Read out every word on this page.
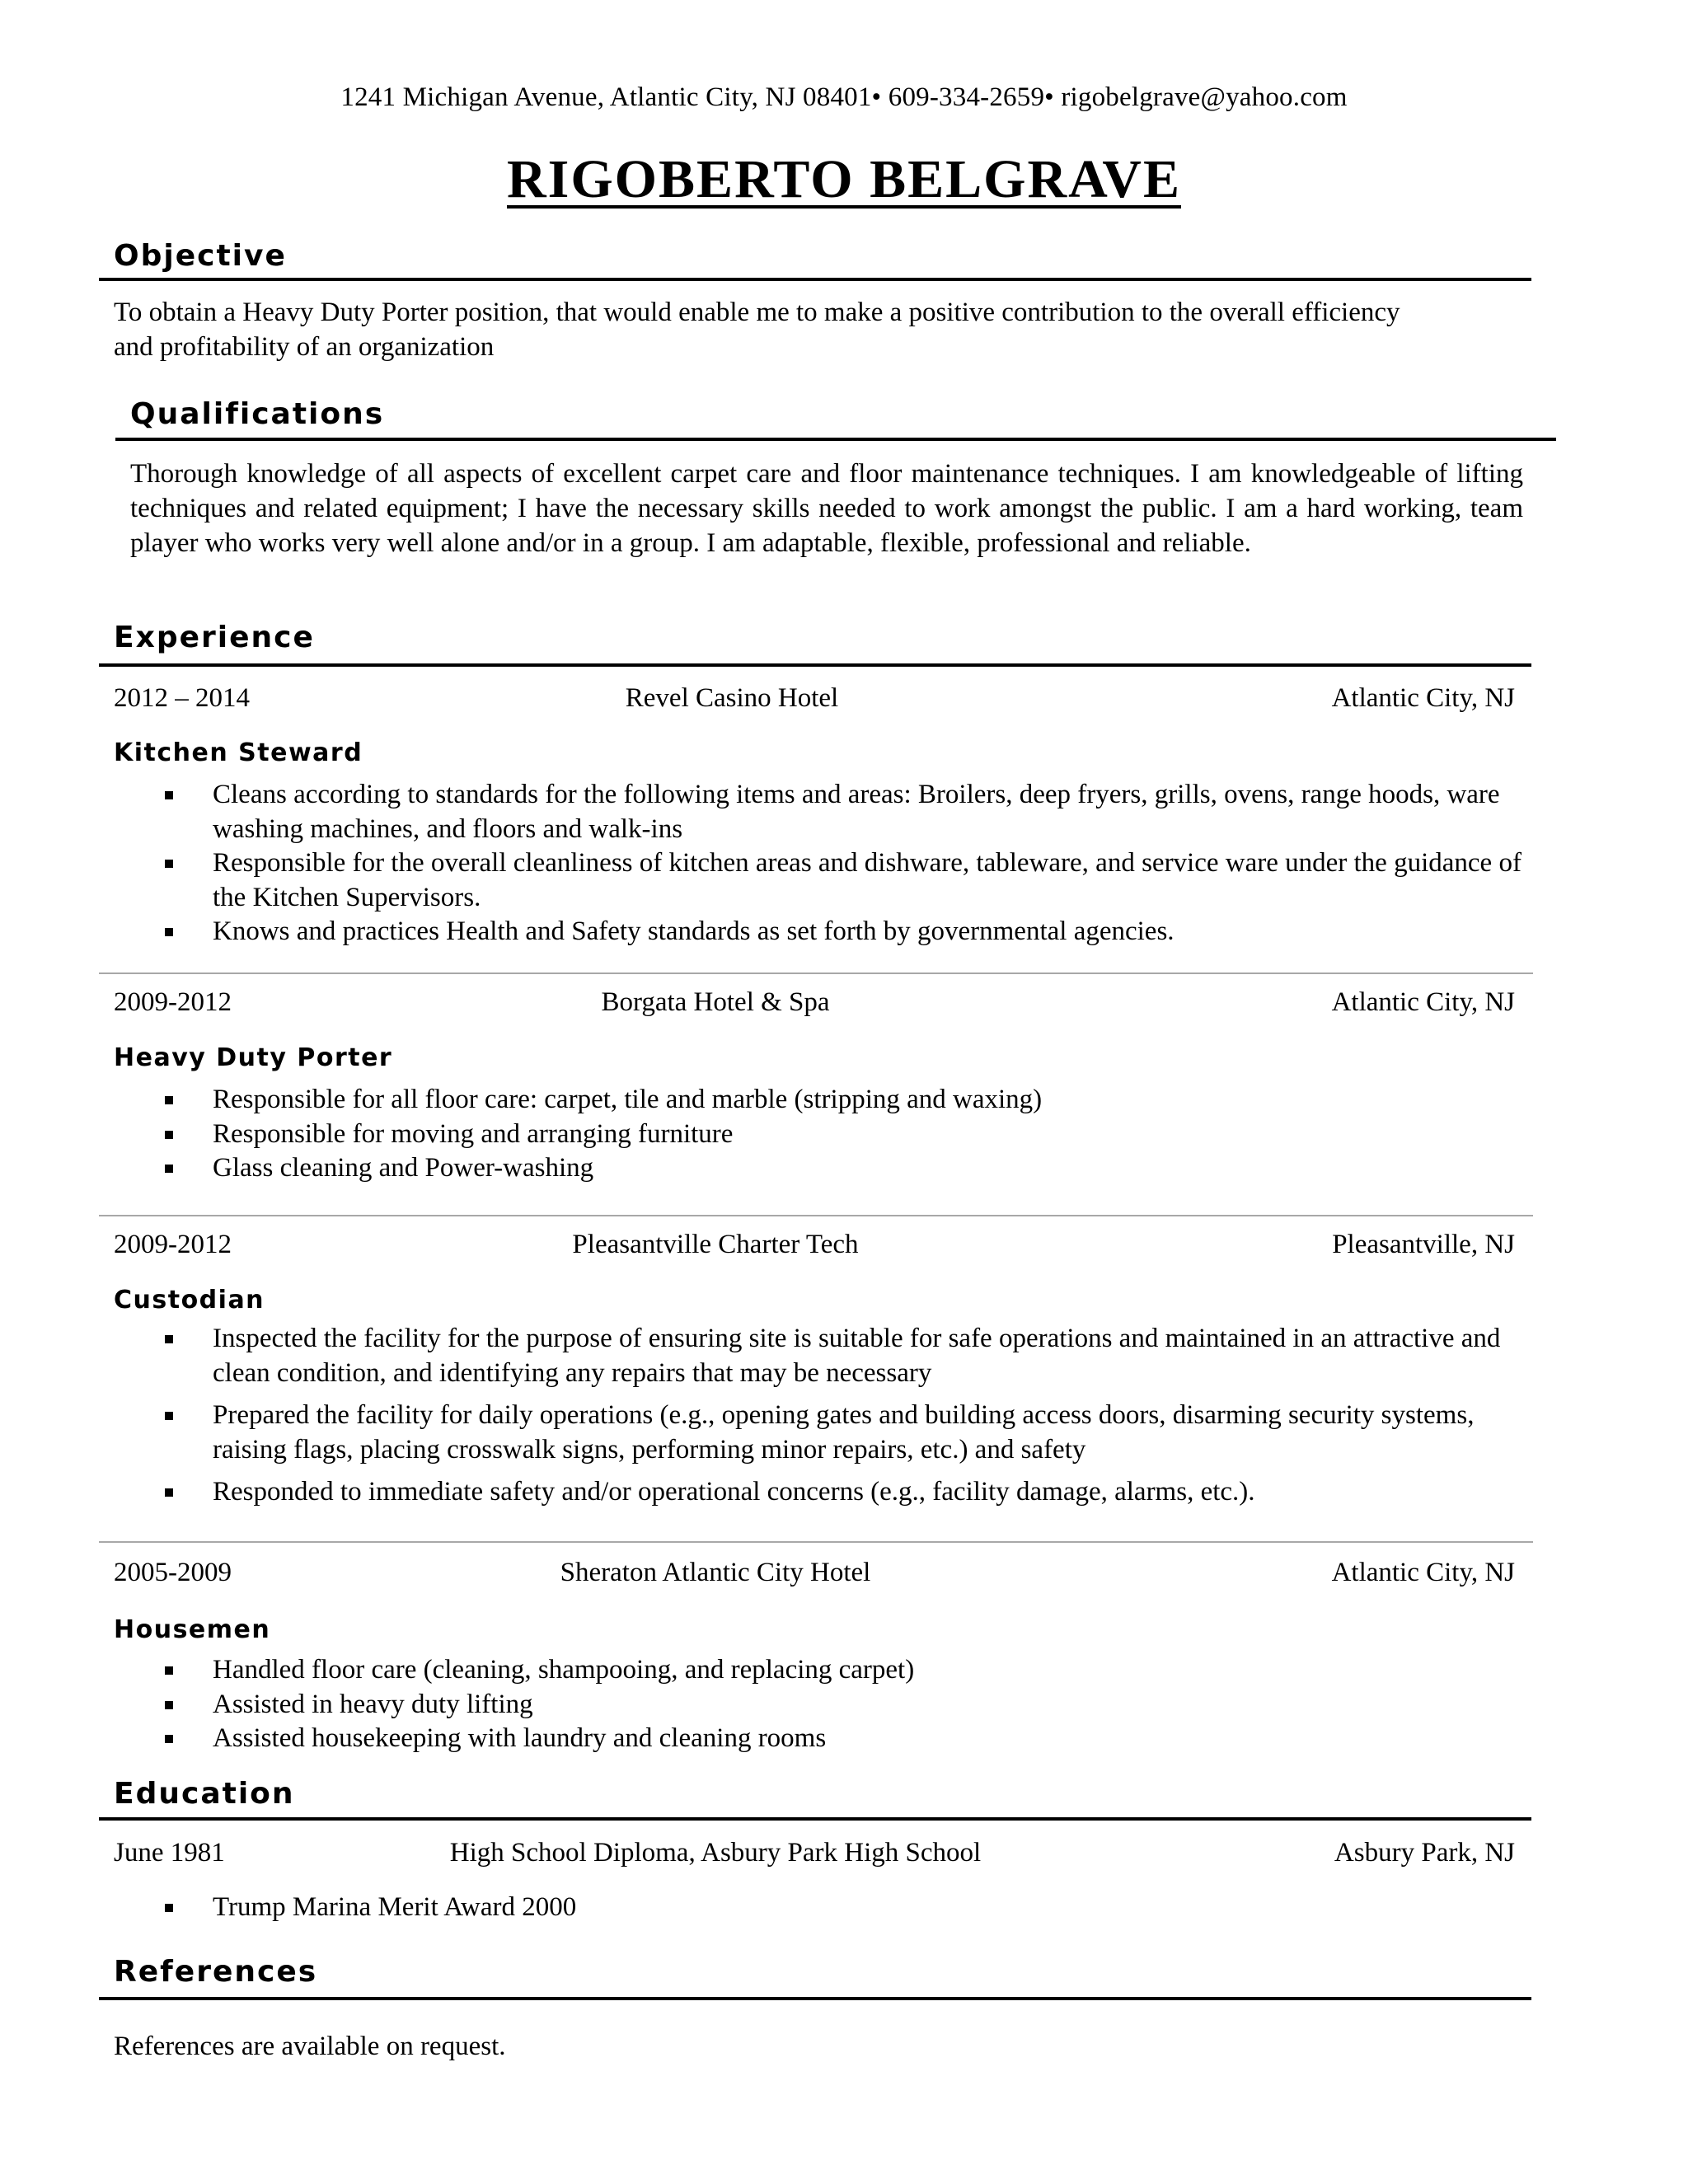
1241 Michigan Avenue, Atlantic City, NJ 08401• 609-334-2659• rigobelgrave@yahoo.com
RIGOBERTO BELGRAVE
Objective
To obtain a Heavy Duty Porter position, that would enable me to make a positive contribution to the overall efficiency and profitability of an organization
Qualifications
Thorough knowledge of all aspects of excellent carpet care and floor maintenance techniques. I am knowledgeable of lifting techniques and related equipment; I have the necessary skills needed to work amongst the public. I am a hard working, team player who works very well alone and/or in a group. I am adaptable, flexible, professional and reliable.
Experience
2012 – 2014	Revel Casino Hotel	Atlantic City, NJ
Kitchen Steward
Cleans according to standards for the following items and areas: Broilers, deep fryers, grills, ovens, range hoods, ware washing machines, and floors and walk-ins
Responsible for the overall cleanliness of kitchen areas and dishware, tableware, and service ware under the guidance of the Kitchen Supervisors.
Knows and practices Health and Safety standards as set forth by governmental agencies.
2009-2012	Borgata Hotel & Spa	Atlantic City, NJ
Heavy Duty Porter
Responsible for all floor care: carpet, tile and marble (stripping and waxing)
Responsible for moving and arranging furniture
Glass cleaning and Power-washing
2009-2012	Pleasantville Charter Tech	Pleasantville, NJ
Custodian
Inspected the facility for the purpose of ensuring site is suitable for safe operations and maintained in an attractive and clean condition, and identifying any repairs that may be necessary
Prepared the facility for daily operations (e.g., opening gates and building access doors, disarming security systems, raising flags, placing crosswalk signs, performing minor repairs, etc.) and safety
Responded to immediate safety and/or operational concerns (e.g., facility damage, alarms, etc.).
2005-2009	Sheraton Atlantic City Hotel	Atlantic City, NJ
Housemen
Handled floor care (cleaning, shampooing, and replacing carpet)
Assisted in heavy duty lifting
Assisted housekeeping with laundry and cleaning rooms
Education
June 1981	High School Diploma, Asbury Park High School	Asbury Park, NJ
Trump Marina Merit Award 2000
References
References are available on request.
